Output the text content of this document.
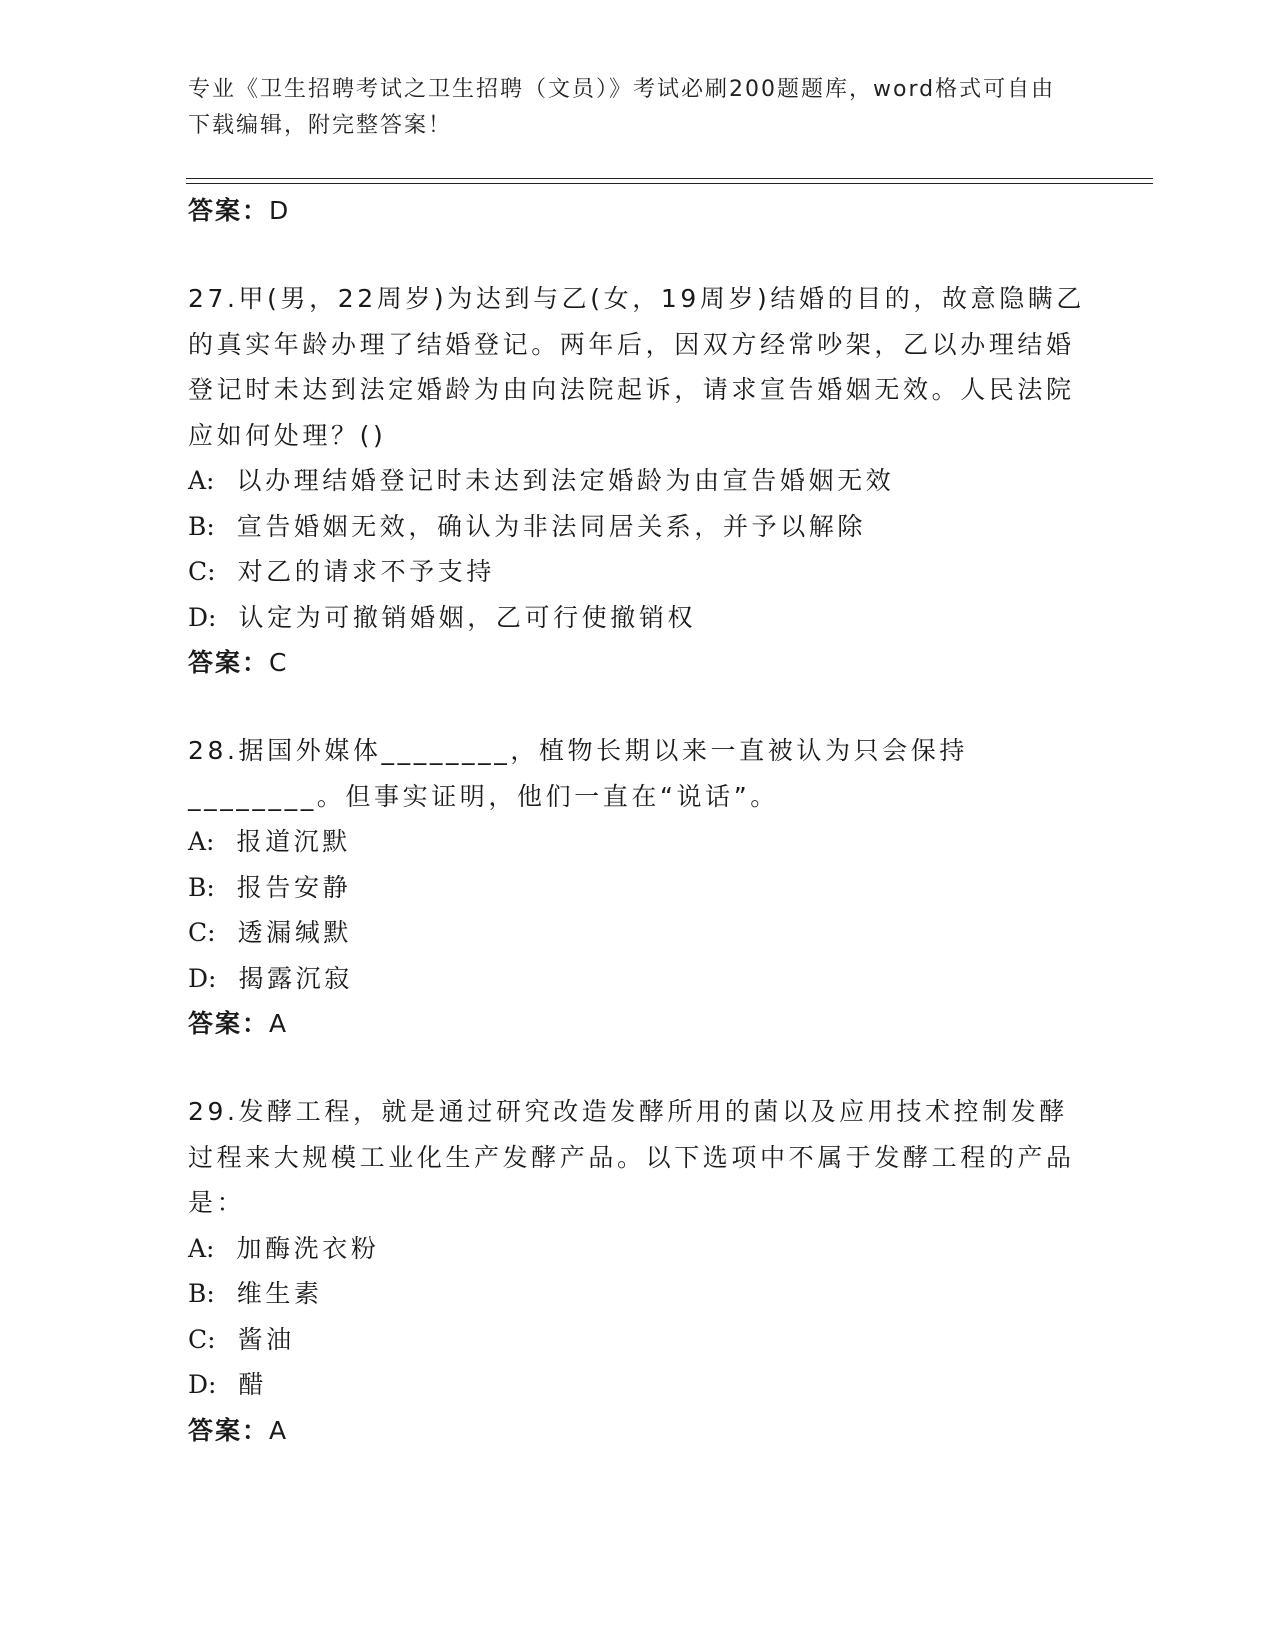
专业《卫生招聘考试之卫生招聘（文员）》考试必刷200题题库，word格式可自由下载编辑，附完整答案！

答案：D

27.甲(男，22周岁)为达到与乙(女，19周岁)结婚的目的，故意隐瞒乙的真实年龄办理了结婚登记。两年后，因双方经常吵架，乙以办理结婚登记时未达到法定婚龄为由向法院起诉，请求宣告婚姻无效。人民法院应如何处理？()

A: 以办理结婚登记时未达到法定婚龄为由宣告婚姻无效

B: 宣告婚姻无效，确认为非法同居关系，并予以解除

C: 对乙的请求不予支持

D: 认定为可撤销婚姻，乙可行使撤销权

答案：C

28.据国外媒体________，植物长期以来一直被认为只会保持________。但事实证明，他们一直在“说话”。

A: 报道沉默

B: 报告安静

C: 透漏缄默

D: 揭露沉寂

答案：A

29.发酵工程，就是通过研究改造发酵所用的菌以及应用技术控制发酵过程来大规模工业化生产发酵产品。以下选项中不属于发酵工程的产品是：

A: 加酶洗衣粉

B: 维生素

C: 酱油

D: 醋

答案：A
